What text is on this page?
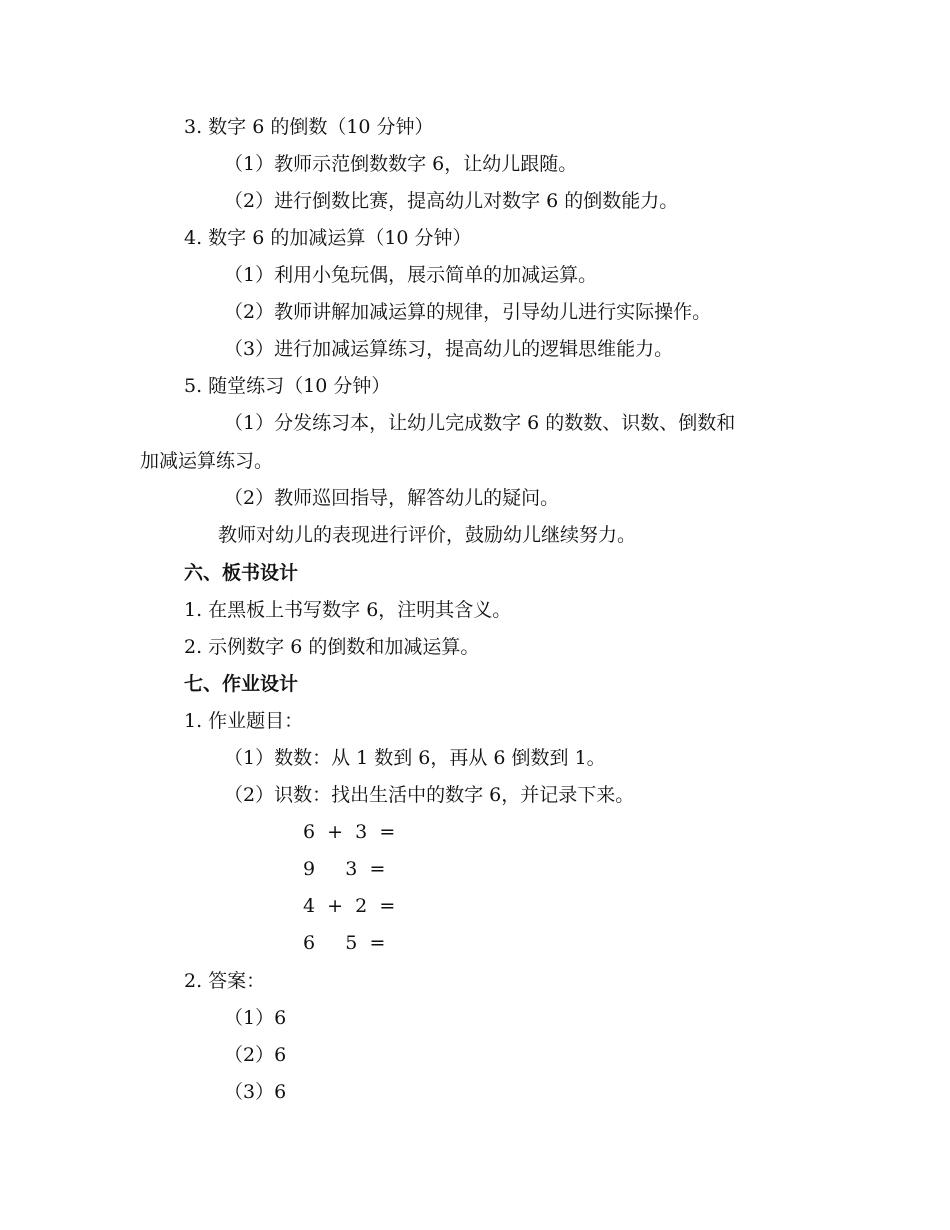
3. 数字 6 的倒数（10 分钟）
（1）教师示范倒数数字 6，让幼儿跟随。
（2）进行倒数比赛，提高幼儿对数字 6 的倒数能力。
4. 数字 6 的加减运算（10 分钟）
（1）利用小兔玩偶，展示简单的加减运算。
（2）教师讲解加减运算的规律，引导幼儿进行实际操作。
（3）进行加减运算练习，提高幼儿的逻辑思维能力。
5. 随堂练习（10 分钟）
（1）分发练习本，让幼儿完成数字 6 的数数、识数、倒数和
加减运算练习。
（2）教师巡回指导，解答幼儿的疑问。
教师对幼儿的表现进行评价，鼓励幼儿继续努力。
六、板书设计
1. 在黑板上书写数字 6，注明其含义。
2. 示例数字 6 的倒数和加减运算。
七、作业设计
1. 作业题目：
（1）数数：从 1 数到 6，再从 6 倒数到 1。
（2）识数：找出生活中的数字 6，并记录下来。
6  +  3  =
9     3  =
4  +  2  =
6     5  =
2. 答案：
（1）6
（2）6
（3）6
